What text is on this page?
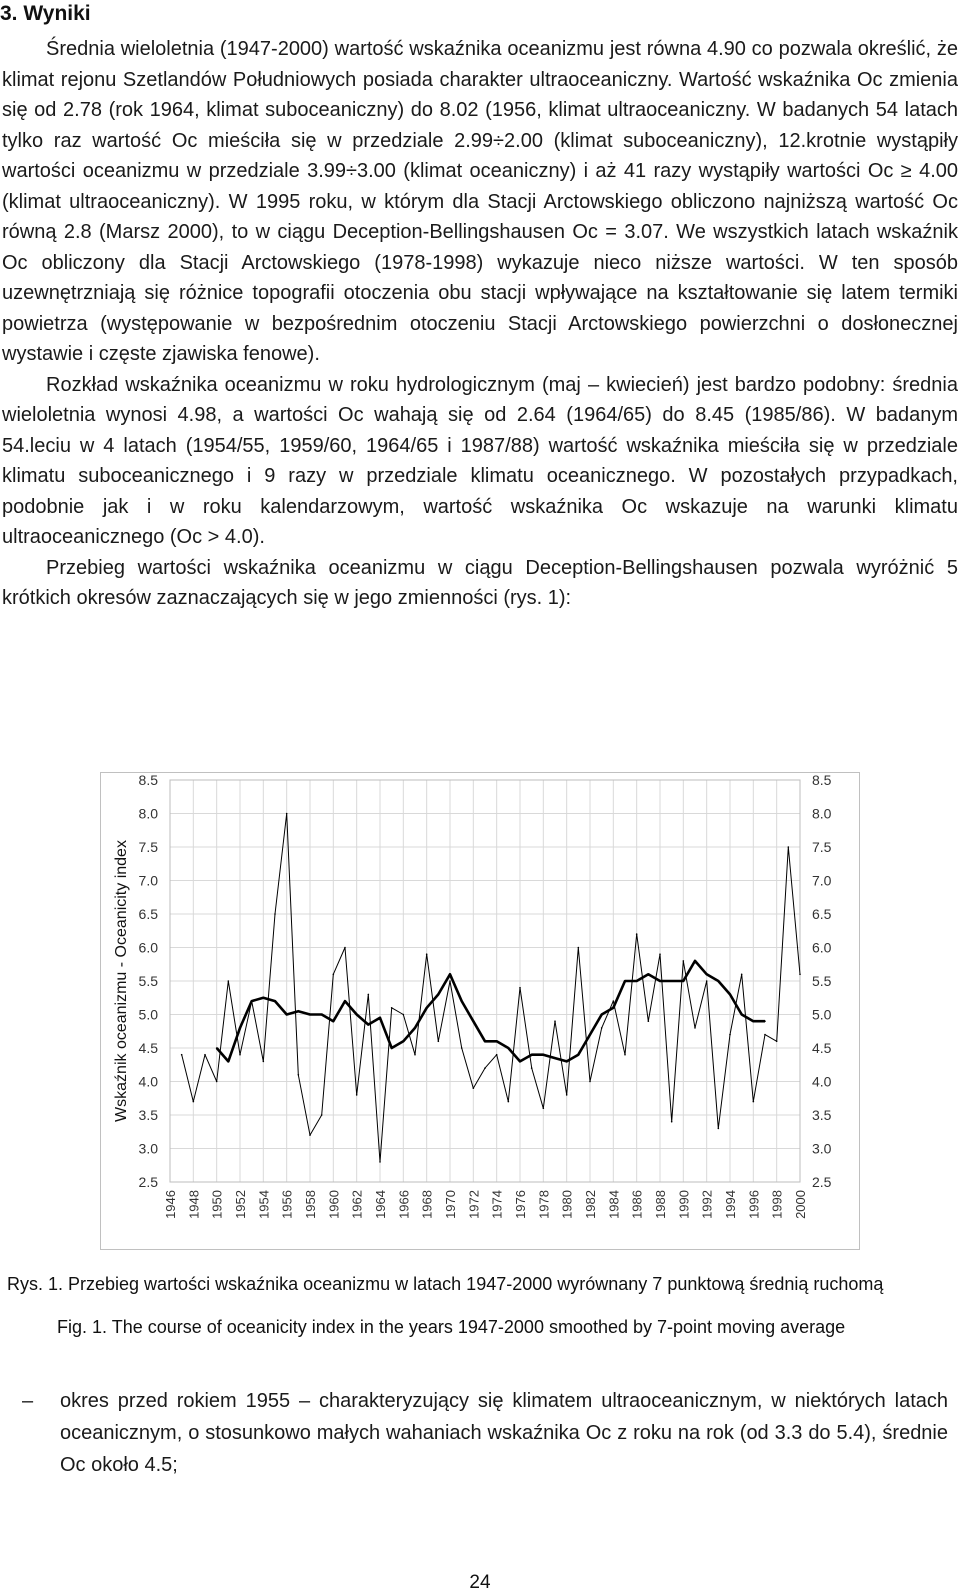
3. Wyniki

Średnia wieloletnia (1947-2000) wartość wskaźnika oceanizmu jest równa 4.90 co pozwala określić, że klimat rejonu Szetlandów Południowych posiada charakter ultraoceaniczny. Wartość wskaźnika Oc zmienia się od 2.78 (rok 1964, klimat suboceaniczny) do 8.02 (1956, klimat ultraoceaniczny. W badanych 54 latach tylko raz wartość Oc mieściła się w przedziale 2.99÷2.00 (klimat suboceaniczny), 12.krotnie wystąpiły wartości oceanizmu w przedziale 3.99÷3.00 (klimat oceaniczny) i aż 41 razy wystąpiły wartości Oc ≥ 4.00 (klimat ultraoceaniczny). W 1995 roku, w którym dla Stacji Arctowskiego obliczono najniższą wartość Oc równą 2.8 (Marsz 2000), to w ciągu Deception-Bellingshausen Oc = 3.07. We wszystkich latach wskaźnik Oc obliczony dla Stacji Arctowskiego (1978-1998) wykazuje nieco niższe wartości. W ten sposób uzewnętrzniają się różnice topografii otoczenia obu stacji wpływające na kształtowanie się latem termiki powietrza (występowanie w bezpośrednim otoczeniu Stacji Arctowskiego powierzchni o dosłonecznej wystawie i częste zjawiska fenowe).

Rozkład wskaźnika oceanizmu w roku hydrologicznym (maj – kwiecień) jest bardzo podobny: średnia wieloletnia wynosi 4.98, a wartości Oc wahają się od 2.64 (1964/65) do 8.45 (1985/86). W badanym 54.leciu w 4 latach (1954/55, 1959/60, 1964/65 i 1987/88) wartość wskaźnika mieściła się w przedziale klimatu suboceanicznego i 9 razy w przedziale klimatu oceanicznego. W pozostałych przypadkach, podobnie jak i w roku kalendarzowym, wartość wskaźnika Oc wskazuje na warunki klimatu ultraoceanicznego (Oc > 4.0).

Przebieg wartości wskaźnika oceanizmu w ciągu Deception-Bellingshausen pozwala wyróżnić 5 krótkich okresów zaznaczających się w jego zmienności (rys. 1):

8.5	8.5
8.0	8.0
7.5	7.5
7.0	7.0
6.5	6.5
6.0	6.0
5.5	5.5
5.0	5.0
4.5	4.5
4.0	4.0
3.5	3.5
3.0	3.0
2.5	2.5
1946 1948 1950 1952 1954 1956 1958 1960 1962 1964 1966 1968 1970 1972 1974 1976 1978 1980 1982 1984 1986 1988 1990 1992 1994 1996 1998 2000
Wskaźnik oceanizmu - Oceanicity index
Rys. 1. Przebieg wartości wskaźnika oceanizmu w latach 1947-2000 wyrównany 7 punktową średnią ruchomą
Fig. 1. The course of oceanicity index in the years 1947-2000 smoothed by 7-point moving average
– okres przed rokiem 1955 – charakteryzujący się klimatem ultraoceanicznym, w niektórych latach oceanicznym, o stosunkowo małych wahaniach wskaźnika Oc z roku na rok (od 3.3 do 5.4), średnie Oc około 4.5;
24
